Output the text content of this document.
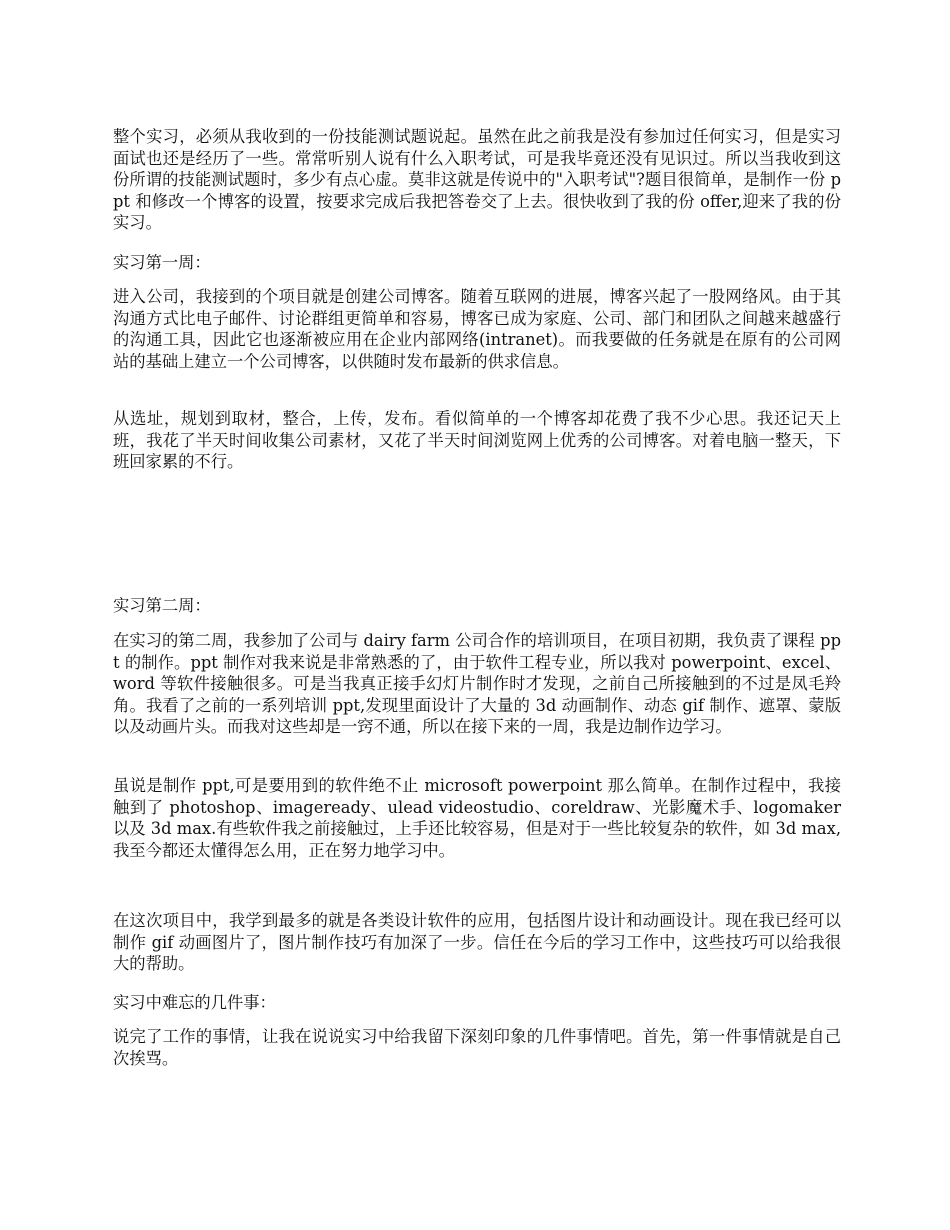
整个实习，必须从我收到的一份技能测试题说起。虽然在此之前我是没有参加过任何实习，但是实习面试也还是经历了一些。常常听别人说有什么入职考试，可是我毕竟还没有见识过。所以当我收到这份所谓的技能测试题时，多少有点心虚。莫非这就是传说中的"入职考试"?题目很简单，是制作一份 ppt 和修改一个博客的设置，按要求完成后我把答卷交了上去。很快收到了我的份 offer,迎来了我的份实习。

实习第一周：

进入公司，我接到的个项目就是创建公司博客。随着互联网的进展，博客兴起了一股网络风。由于其沟通方式比电子邮件、讨论群组更简单和容易，博客已成为家庭、公司、部门和团队之间越来越盛行的沟通工具，因此它也逐渐被应用在企业内部网络(intranet)。而我要做的任务就是在原有的公司网站的基础上建立一个公司博客，以供随时发布最新的供求信息。

从选址，规划到取材，整合，上传，发布。看似简单的一个博客却花费了我不少心思。我还记天上班，我花了半天时间收集公司素材，又花了半天时间浏览网上优秀的公司博客。对着电脑一整天，下班回家累的不行。

实习第二周：

在实习的第二周，我参加了公司与 dairy farm 公司合作的培训项目，在项目初期，我负责了课程 ppt 的制作。ppt 制作对我来说是非常熟悉的了，由于软件工程专业，所以我对 powerpoint、excel、word 等软件接触很多。可是当我真正接手幻灯片制作时才发现，之前自己所接触到的不过是凤毛羚角。我看了之前的一系列培训 ppt,发现里面设计了大量的 3d 动画制作、动态 gif 制作、遮罩、蒙版以及动画片头。而我对这些却是一窍不通，所以在接下来的一周，我是边制作边学习。

虽说是制作 ppt,可是要用到的软件绝不止 microsoft powerpoint 那么简单。在制作过程中，我接触到了 photoshop、imageready、ulead videostudio、coreldraw、光影魔术手、logomaker 以及 3d max.有些软件我之前接触过，上手还比较容易，但是对于一些比较复杂的软件，如 3d max,我至今都还太懂得怎么用，正在努力地学习中。

在这次项目中，我学到最多的就是各类设计软件的应用，包括图片设计和动画设计。现在我已经可以制作 gif 动画图片了，图片制作技巧有加深了一步。信任在今后的学习工作中，这些技巧可以给我很大的帮助。

实习中难忘的几件事：

说完了工作的事情，让我在说说实习中给我留下深刻印象的几件事情吧。首先，第一件事情就是自己次挨骂。
